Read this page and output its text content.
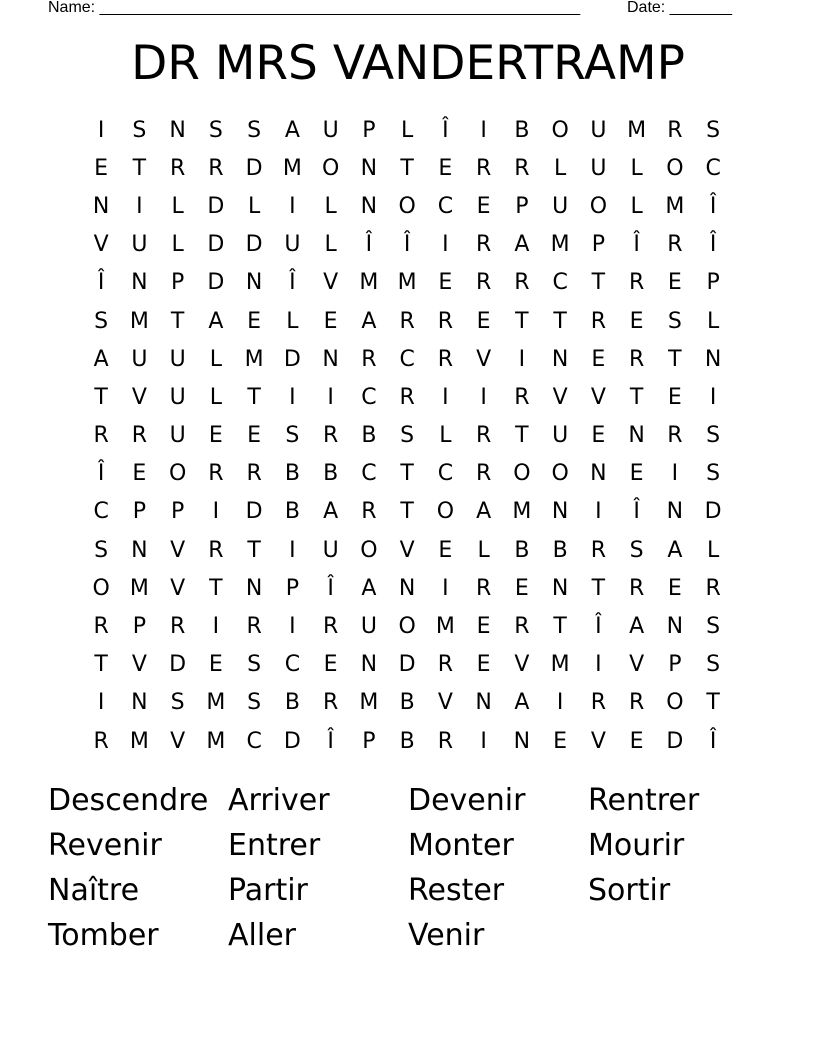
Name: ______________________________________________________	Date: _______
DR MRS VANDERTRAMP
I	S	N	S	S	A	U	P	L	Î	I	B	O U M R	S
E	T	R	R	D M O N	T	E	R	R	L	U	L	O C
N	I	L	D	L	I	L	N O C	E	P	U O	L	M	Î
V	U	L	D D U	L	Î	Î	I	R	A M	P	Î	R	Î
Î	N	P	D N	Î	V M M E	R	R	C	T	R	E	P
S M	T	A	E	L	E	A	R	R	E	T	T	R	E	S	L
A	U	U	L	M D N	R	C	R	V	I	N	E	R	T	N
T	V	U	L	T	I	I	C	R	I	I	R	V	V	T	E	I
R	R	U	E	E	S	R	B	S	L	R	T	U	E	N	R	S
Î	E	O R	R	B	B	C	T	C	R O O N	E	I	S
C	P	P	I	D	B	A	R	T	O	A M N	I	Î	N D
S	N	V	R	T	I	U O	V	E	L	B	B	R	S	A	L
O M V	T	N	P	Î	A	N	I	R	E	N	T	R	E	R
R	P	R	I	R	I	R	U O M E	R	T	Î	A	N	S
T	V	D	E	S	C	E	N D	R	E	V M	I	V	P	S
I	N	S M S	B	R M B	V	N	A	I	R	R O	T
R M V M C	D	Î	P	B	R	I	N	E	V	E	D	Î
Descendre Arriver	Devenir	Rentrer
Revenir	Entrer	Monter	Mourir
Naître	Partir	Rester	Sortir
Tomber	Aller	Venir
